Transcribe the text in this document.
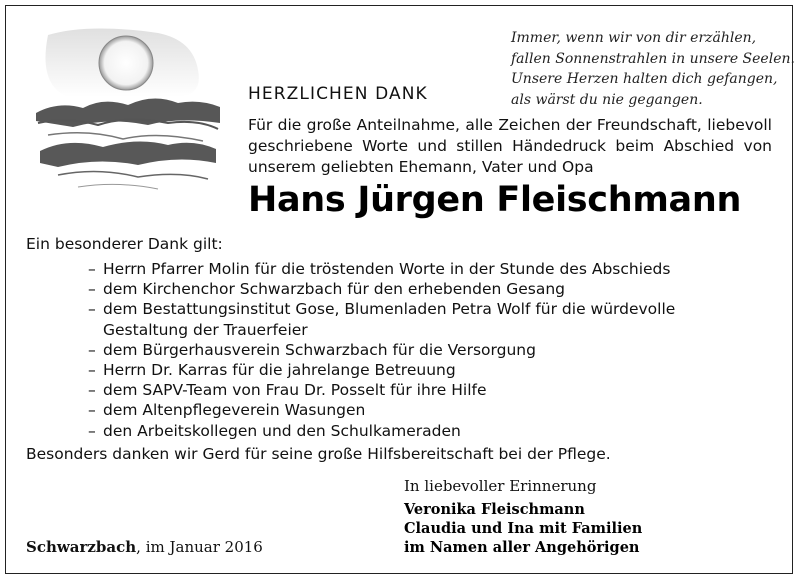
Immer, wenn wir von dir erzählen,
fallen Sonnenstrahlen in unsere Seelen.
Unsere Herzen halten dich gefangen,
als wärst du nie gegangen.
HERZLICHEN DANK
Für die große Anteilnahme, alle Zeichen der Freundschaft, liebevoll geschriebene Worte und stillen Händedruck beim Abschied von unserem geliebten Ehemann, Vater und Opa
Hans Jürgen Fleischmann
Ein besonderer Dank gilt:
– Herrn Pfarrer Molin für die tröstenden Worte in der Stunde des Abschieds
– dem Kirchenchor Schwarzbach für den erhebenden Gesang
– dem Bestattungsinstitut Gose, Blumenladen Petra Wolf für die würdevolle Gestaltung der Trauerfeier
– dem Bürgerhausverein Schwarzbach für die Versorgung
– Herrn Dr. Karras für die jahrelange Betreuung
– dem SAPV-Team von Frau Dr. Posselt für ihre Hilfe
– dem Altenpflegeverein Wasungen
– den Arbeitskollegen und den Schulkameraden
Besonders danken wir Gerd für seine große Hilfsbereitschaft bei der Pflege.
In liebevoller Erinnerung
Veronika Fleischmann
Claudia und Ina mit Familien
im Namen aller Angehörigen
Schwarzbach, im Januar 2016
